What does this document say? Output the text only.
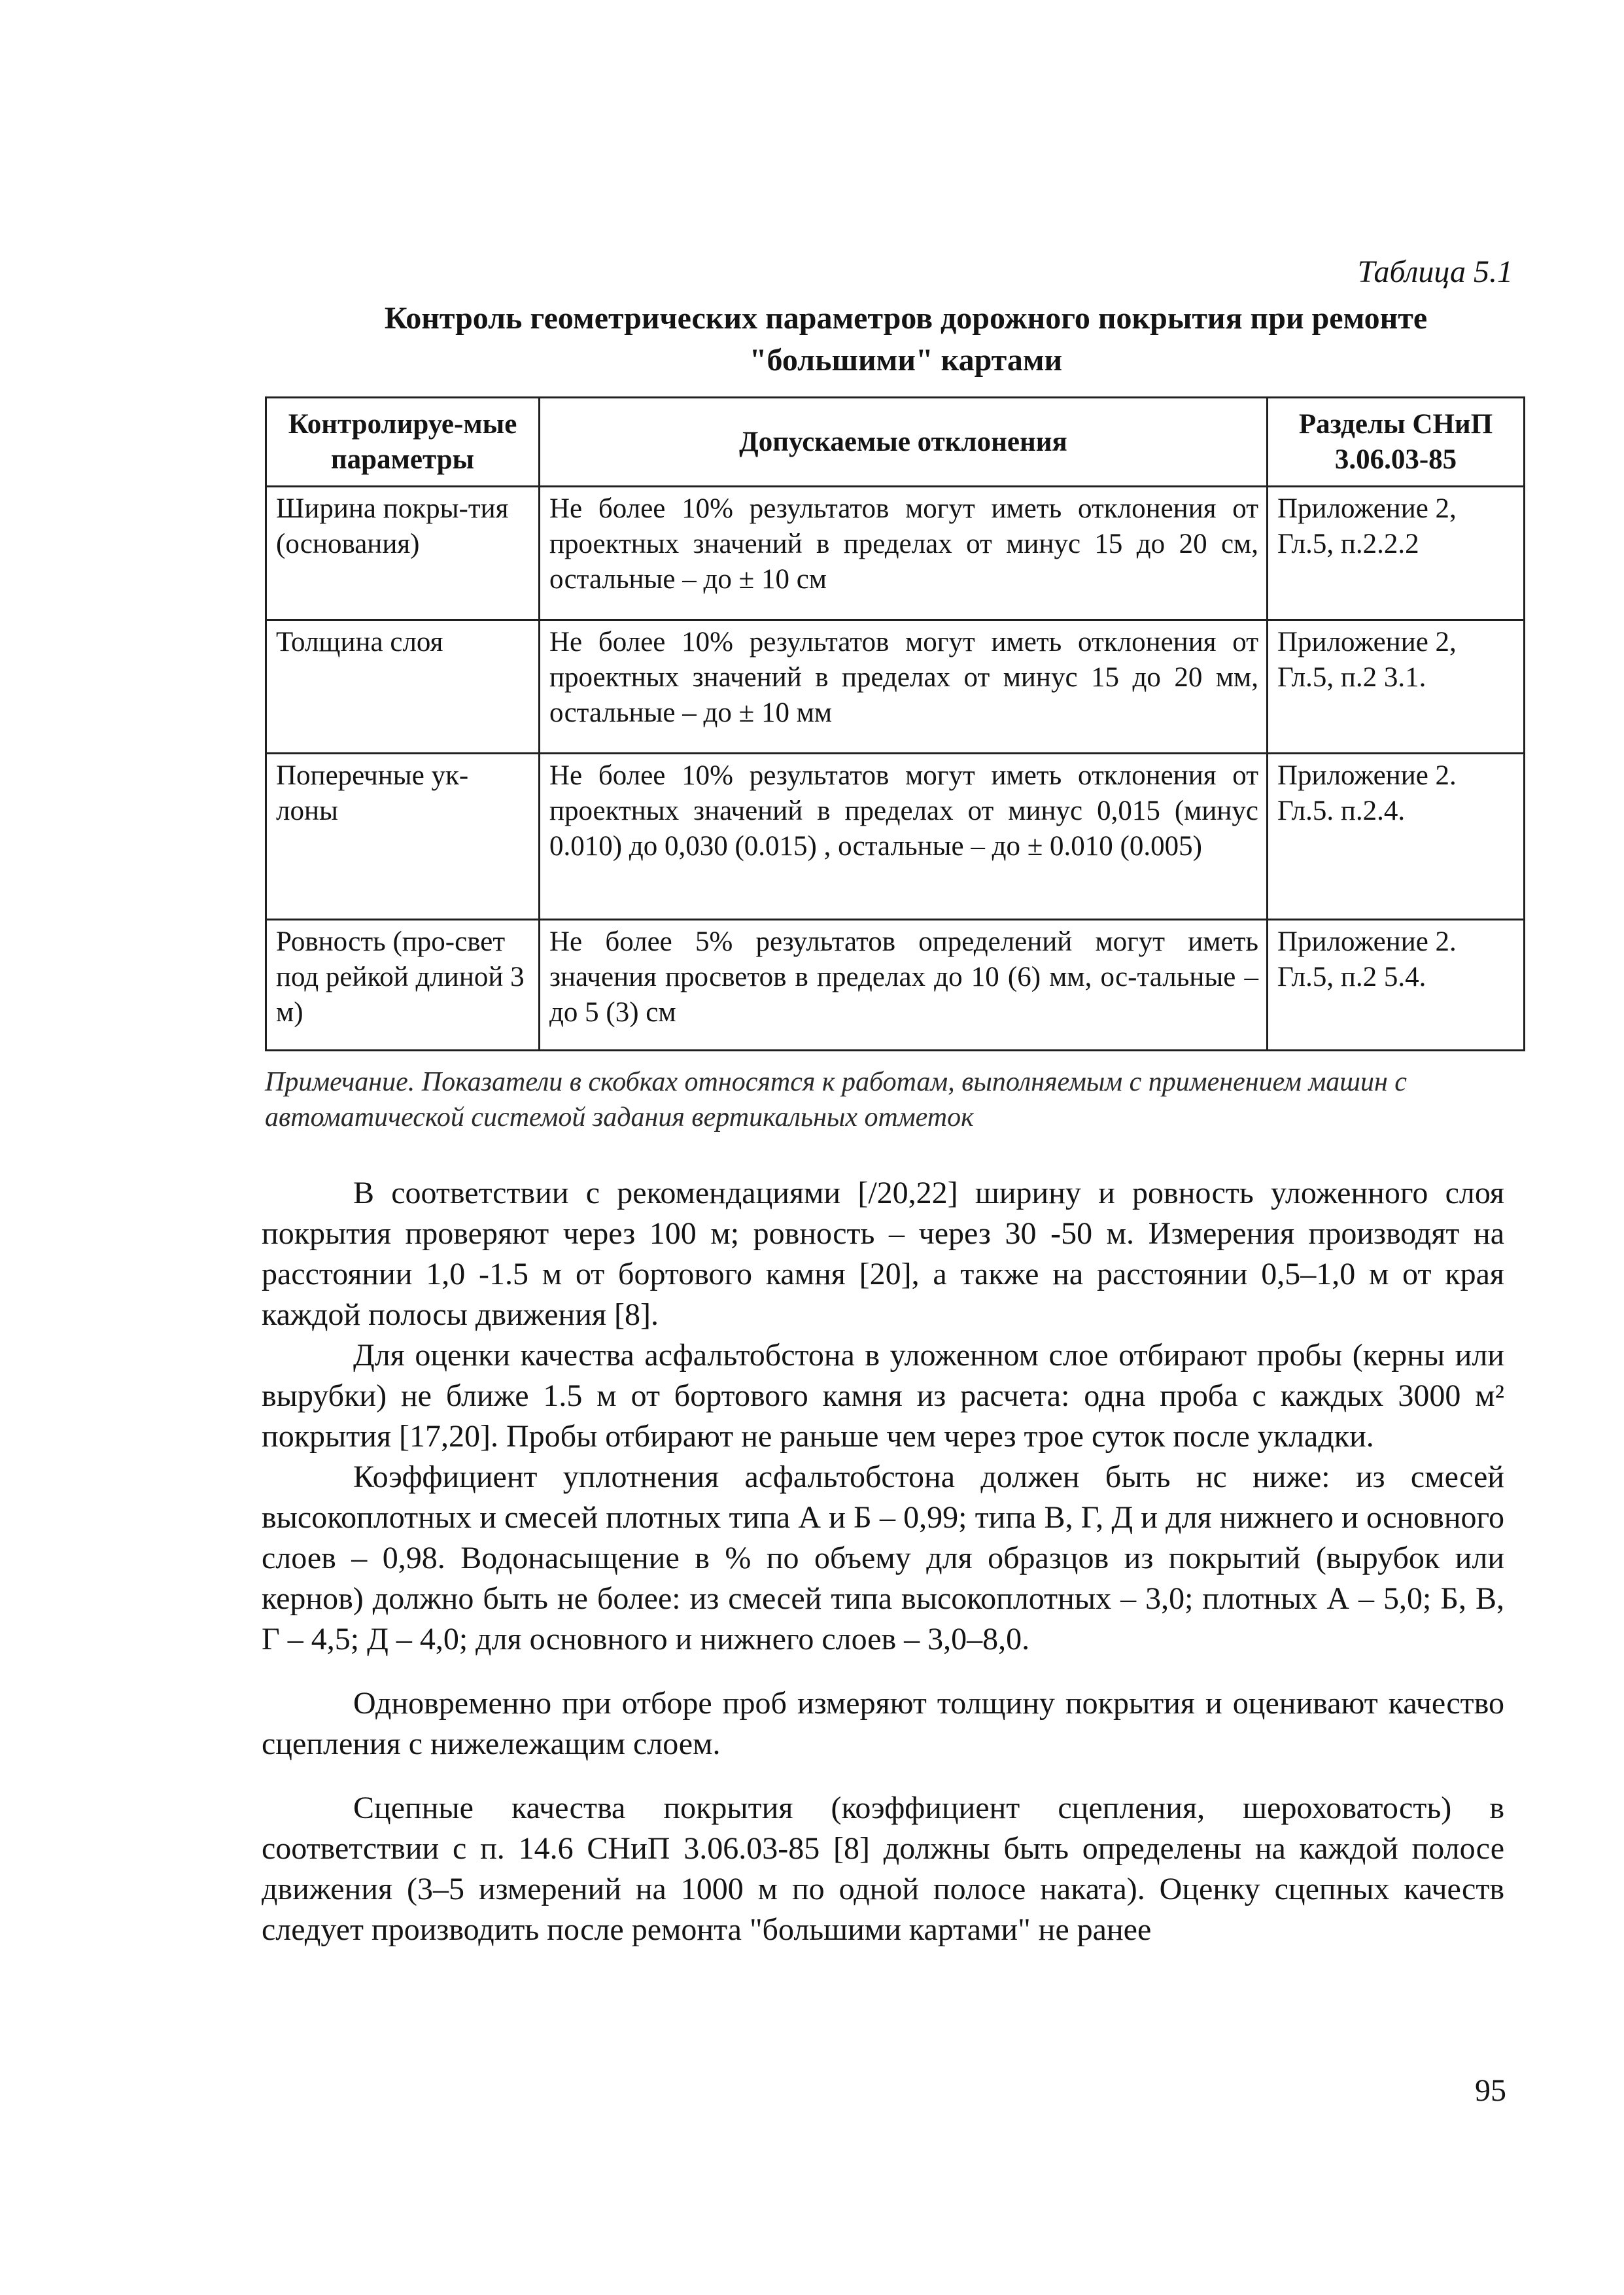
Таблица 5.1
Контроль геометрических параметров дорожного покрытия при ремонте
"большими" картами
Контролируе-мые параметры	Допускаемые отклонения	Разделы СНиП 3.06.03-85
Ширина покры-тия (основания)	Не более 10% результатов могут иметь отклонения от проектных значений в пределах от минус 15 до 20 см, остальные – до ± 10 см	Приложение 2, Гл.5, п.2.2.2
Толщина слоя	Не более 10% результатов могут иметь отклонения от проектных значений в пределах от минус 15 до 20 мм, остальные – до ± 10 мм	Приложение 2, Гл.5, п.2 3.1.
Поперечные ук-лоны	Не более 10% результатов могут иметь отклонения от проектных значений в пределах от минус 0,015 (минус 0.010) до 0,030 (0.015) , остальные – до ± 0.010 (0.005)	Приложение 2. Гл.5. п.2.4.
Ровность (про-свет под рейкой длиной 3 м)	Не более 5% результатов определений могут иметь значения просветов в пределах до 10 (6) мм, ос-тальные – до 5 (3) см	Приложение 2. Гл.5, п.2 5.4.
Примечание. Показатели в скобках относятся к работам, выполняемым с применением машин с автоматической системой задания вертикальных отметок

В соответствии с рекомендациями [/20,22] ширину и ровность уложенного слоя покрытия проверяют через 100 м; ровность – через 30 -50 м. Измерения производят на расстоянии 1,0 -1.5 м от бортового камня [20], а также на расстоянии 0,5–1,0 м от края каждой полосы движения [8].

Для оценки качества асфальтобстона в уложенном слое отбирают пробы (керны или вырубки) не ближе 1.5 м от бортового камня из расчета: одна проба с каждых 3000 м² покрытия [17,20]. Пробы отбирают не раньше чем через трое суток после укладки.

Коэффициент уплотнения асфальтобстона должен быть нс ниже: из смесей высокоплотных и смесей плотных типа А и Б – 0,99; типа В, Г, Д и для нижнего и основного слоев – 0,98. Водонасыщение в % по объему для образцов из покрытий (вырубок или кернов) должно быть не более: из смесей типа высокоплотных – 3,0; плотных А – 5,0; Б, В, Г – 4,5; Д – 4,0; для основного и нижнего слоев – 3,0–8,0.

Одновременно при отборе проб измеряют толщину покрытия и оценивают качество сцепления с нижележащим слоем.

Сцепные качества покрытия (коэффициент сцепления, шероховатость) в соответствии с п. 14.6 СНиП 3.06.03-85 [8] должны быть определены на каждой полосе движения (3–5 измерений на 1000 м по одной полосе наката). Оценку сцепных качеств следует производить после ремонта "большими картами" не ранее

95
